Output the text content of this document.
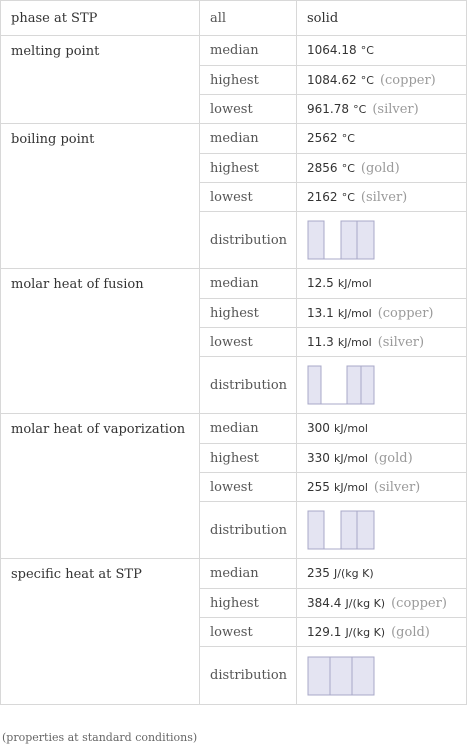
phase at STP	all	solid
melting point	median	1064.18 °C
	highest	1084.62 °C (copper)
	lowest	961.78 °C (silver)
boiling point	median	2562 °C
	highest	2856 °C (gold)
	lowest	2162 °C (silver)
	distribution	

molar heat of fusion	median	12.5 kJ/mol
	highest	13.1 kJ/mol (copper)
	lowest	11.3 kJ/mol (silver)
	distribution	

molar heat of vaporization	median	300 kJ/mol
	highest	330 kJ/mol (gold)
	lowest	255 kJ/mol (silver)
	distribution	

specific heat at STP	median	235 J/(kg K)
	highest	384.4 J/(kg K) (copper)
	lowest	129.1 J/(kg K) (gold)
	distribution	
(properties at standard conditions)
